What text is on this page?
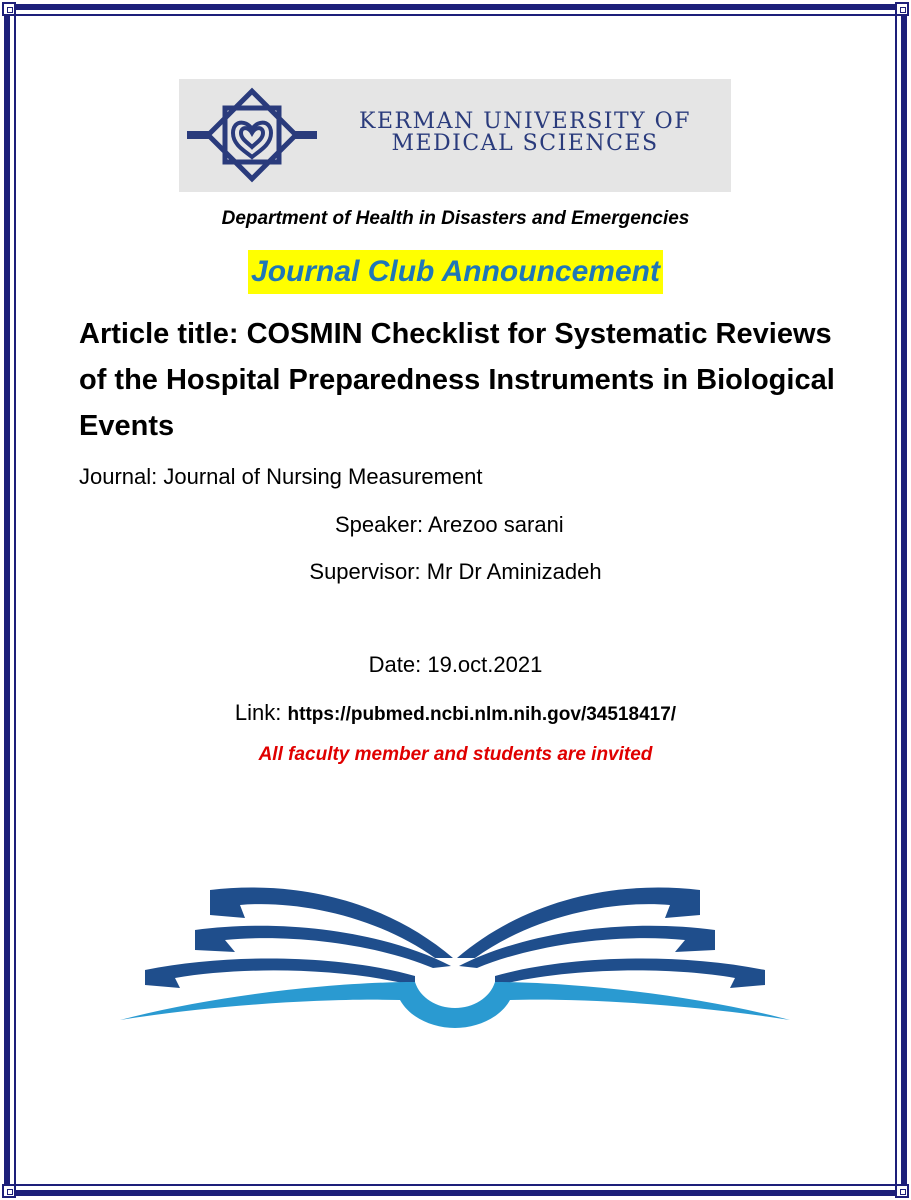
KERMAN UNIVERSITY OF
MEDICAL SCIENCES
Department of Health in Disasters and Emergencies
Journal Club Announcement
Article title: COSMIN Checklist for Systematic Reviews of the Hospital Preparedness Instruments in Biological Events
Journal: Journal of Nursing Measurement
Speaker: Arezoo sarani
Supervisor: Mr Dr Aminizadeh
Date: 19.oct.2021
Link: https://pubmed.ncbi.nlm.nih.gov/34518417/
All faculty member and students are invited
